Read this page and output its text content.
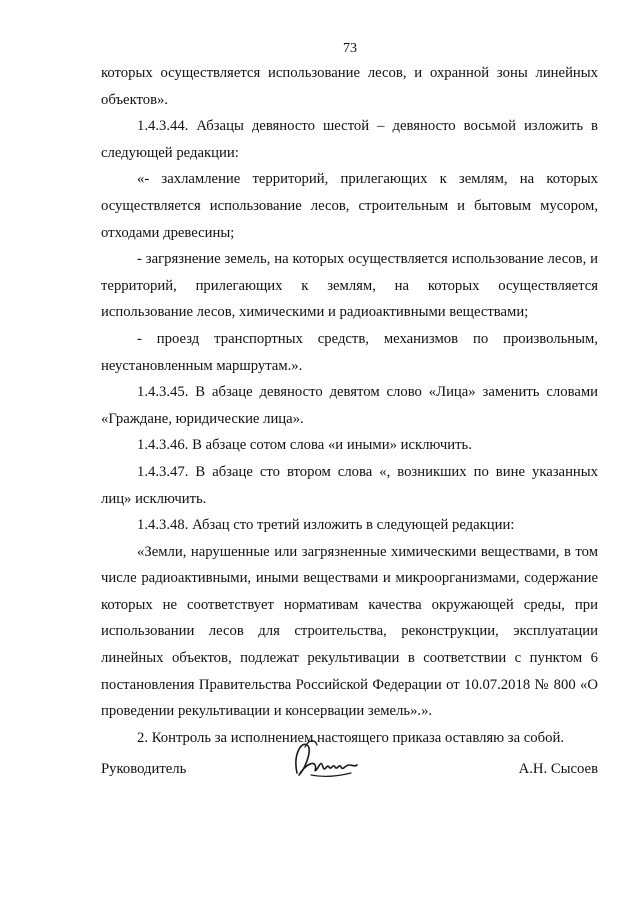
73

которых осуществляется использование лесов, и охранной зоны линейных объектов».

1.4.3.44. Абзацы девяносто шестой – девяносто восьмой изложить в следующей редакции:

«- захламление территорий, прилегающих к землям, на которых осуществляется использование лесов, строительным и бытовым мусором, отходами древесины;

- загрязнение земель, на которых осуществляется использование лесов, и территорий, прилегающих к землям, на которых осуществляется использование лесов, химическими и радиоактивными веществами;

- проезд транспортных средств, механизмов по произвольным, неустановленным маршрутам.».

1.4.3.45. В абзаце девяносто девятом слово «Лица» заменить словами «Граждане, юридические лица».

1.4.3.46. В абзаце сотом слова «и иными» исключить.

1.4.3.47. В абзаце сто втором слова «, возникших по вине указанных лиц» исключить.

1.4.3.48. Абзац сто третий изложить в следующей редакции:

«Земли, нарушенные или загрязненные химическими веществами, в том числе радиоактивными, иными веществами и микроорганизмами, содержание которых не соответствует нормативам качества окружающей среды, при использовании лесов для строительства, реконструкции, эксплуатации линейных объектов, подлежат рекультивации в соответствии с пунктом 6 постановления Правительства Российской Федерации от 10.07.2018 № 800 «О проведении рекультивации и консервации земель».».

2. Контроль за исполнением настоящего приказа оставляю за собой.

Руководитель	А.Н. Сысоев
